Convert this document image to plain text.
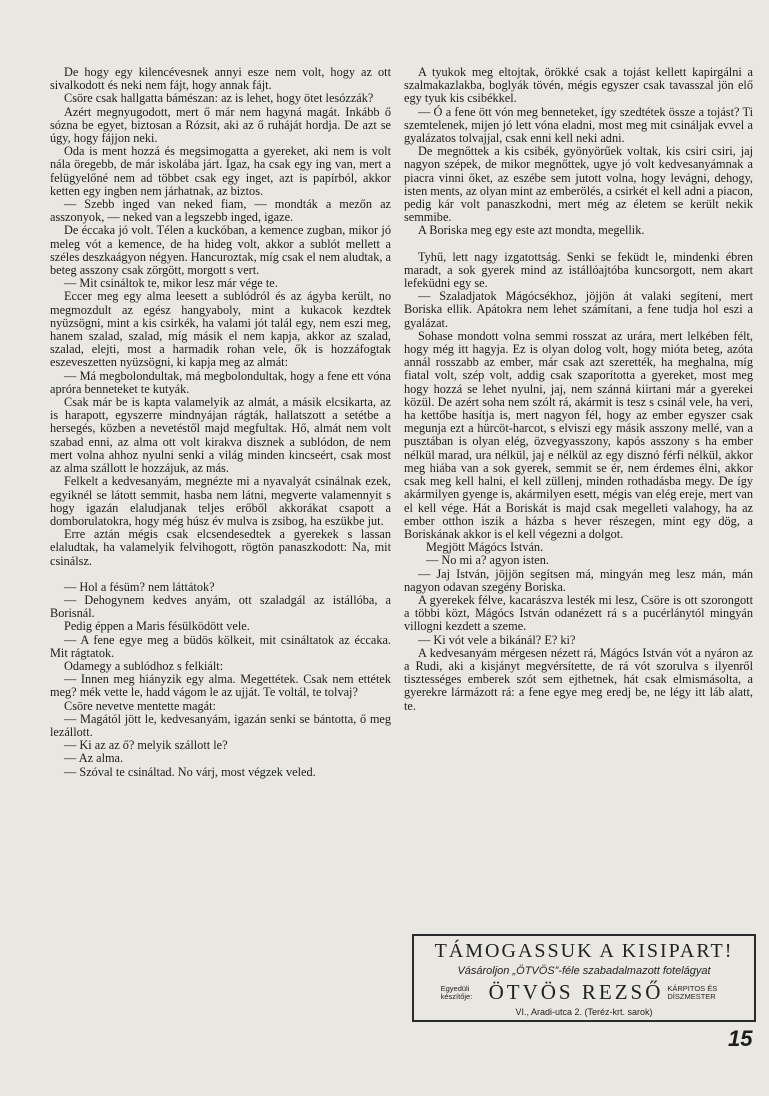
De hogy egy kilencévesnek annyi esze nem volt, hogy az ott sivalkodott és neki nem fájt, hogy annak fájt.

Csöre csak hallgatta bámészan: az is lehet, hogy ötet lesózzák?

Azért megnyugodott, mert ő már nem hagyná magát. Inkább ő sózna be egyet, biztosan a Rózsit, aki az ő ruháját hordja. De azt se úgy, hogy fájjon neki.

Oda is ment hozzá és megsimogatta a gyereket, aki nem is volt nála öregebb, de már iskolába járt. Igaz, ha csak egy ing van, mert a felügyelőné nem ad többet csak egy inget, azt is papírból, akkor ketten egy ingben nem járhatnak, az biztos.

— Szebb inged van neked fiam, — mondták a mezőn az asszonyok, — neked van a legszebb inged, igaze.

De éccaka jó volt. Télen a kuckóban, a kemence zugban, mikor jó meleg vót a kemence, de ha hideg volt, akkor a sublót mellett a széles deszkaágyon négyen. Hancuroztak, míg csak el nem aludtak, a beteg asszony csak zörgött, morgott s vert.

— Mit csináltok te, mikor lesz már vége te.

Eccer meg egy alma leesett a sublódról és az ágyba került, no megmozdult az egész hangyaboly, mint a kukacok kezdtek nyüzsögni, mint a kis csirkék, ha valami jót talál egy, nem eszi meg, hanem szalad, szalad, míg másik el nem kapja, akkor az szalad, szalad, elejti, most a harmadik rohan vele, ők is hozzáfogtak eszeveszetten nyüzsögni, ki kapja meg az almát:

— Má megbolondultak, má megbolondultak, hogy a fene ett vóna apróra benneteket te kutyák.

Csak már be is kapta valamelyik az almát, a másik elcsikarta, az is harapott, egyszerre mindnyájan rágták, hallatszott a setétbe a hersegés, közben a nevetéstől majd megfultak. Hő, almát nem volt szabad enni, az alma ott volt kirakva disznek a sublódon, de nem mert volna ahhoz nyulni senki a világ minden kincseért, csak most az alma szállott le hozzájuk, az más.

Felkelt a kedvesanyám, megnézte mi a nyavalyát csinálnak ezek, egyiknél se látott semmit, hasba nem látni, megverte valamennyit s hogy igazán elaludjanak teljes erőből akkorákat csapott a domborulatokra, hogy még húsz év mulva is zsibog, ha eszükbe jut.

Erre aztán mégis csak elcsendesedtek a gyerekek s lassan elaludtak, ha valamelyik felvihogott, rögtön panaszkodott: Na, mit csinálsz.

— Hol a fésüm? nem láttátok?

— Dehogynem kedves anyám, ott szaladgál az istállóba, a Borisnál.

Pedig éppen a Maris fésülködött vele.

— A fene egye meg a büdös kölkeit, mit csináltatok az éccaka. Mit rágtatok.

Odamegy a sublódhoz s felkiált:

— Innen meg hiányzik egy alma. Megettétek. Csak nem ettétek meg? mék vette le, hadd vágom le az ujját. Te voltál, te tolvaj?

Csöre nevetve mentette magát:

— Magától jött le, kedvesanyám, igazán senki se bántotta, ő meg lezállott.

— Ki az az ő? melyik szállott le?

— Az alma.

— Szóval te csináltad. No várj, most végzek veled.

A tyukok meg eltojtak, örökké csak a tojást kellett kapirgálni a szalmakazlakba, boglyák tövén, mégis egyszer csak tavasszal jön elő egy tyuk kis csibékkel.

— Ó a fene ött vón meg benneteket, így szedtétek össze a tojást? Ti szemtelenek, mijen jó lett vóna eladni, most meg mit csináljak evvel a gyalázatos tolvajjal, csak enni kell neki adni.

De megnőttek a kis csibék, gyönyörűek voltak, kis csiri csiri, jaj nagyon szépek, de mikor megnőttek, ugye jó volt kedvesanyámnak a piacra vinni őket, az eszébe sem jutott volna, hogy levágni, dehogy, isten ments, az olyan mint az emberölés, a csirkét el kell adni a piacon, pedig kár volt panaszkodni, mert még az életem se került nekik semmibe.

A Boriska meg egy este azt mondta, megellik.

Tyhű, lett nagy izgatottság. Senki se feküdt le, mindenki ébren maradt, a sok gyerek mind az istállóajtóba kuncsorgott, nem akart lefeküdni egy se.

— Szaladjatok Mágócsékhoz, jöjjön át valaki segíteni, mert Boriska ellik. Apátokra nem lehet számítani, a fene tudja hol eszi a gyalázat.

Sohase mondott volna semmi rosszat az urára, mert lelkében félt, hogy még itt hagyja. Ez is olyan dolog volt, hogy mióta beteg, azóta annál rosszabb az ember, már csak azt szerették, ha meghalna, míg fiatal volt, szép volt, addig csak szaporította a gyereket, most meg hogy hozzá se lehet nyulni, jaj, nem szánná kiirtani már a gyerekei közül. De azért soha nem szólt rá, akármit is tesz s csinál vele, ha veri, ha kettőbe hasítja is, mert nagyon fél, hogy az ember egyszer csak megunja ezt a hürcöt-harcot, s elviszi egy másik asszony mellé, van a pusztában is olyan elég, özvegyasszony, kapós asszony s ha ember nélkül marad, ura nélkül, jaj e nélkül az egy disznó férfi nélkül, akkor meg hiába van a sok gyerek, semmit se ér, nem érdemes élni, akkor csak meg kell halni, el kell züllenj, minden rothadásba megy. De így akármilyen gyenge is, akármilyen esett, mégis van elég ereje, mert van el kell vége. Hát a Boriskát is majd csak megelleti valahogy, ha az ember otthon iszik a házba s hever részegen, mint egy dög, a Boriskának akkor is el kell végezni a dolgot.

Megjött Mágócs István.

— No mi a? agyon isten.

— Jaj István, jöjjön segítsen má, mingyán meg lesz mán, mán nagyon odavan szegény Boriska.

A gyerekek félve, kacarászva lesték mi lesz, Csöre is ott szorongott a többi közt, Mágócs István odanézett rá s a pucérlánytól mingyán villogni kezdett a szeme.

— Ki vót vele a bikánál? E? ki?

A kedvesanyám mérgesen nézett rá, Mágócs István vót a nyáron az a Rudi, aki a kisjányt megvérsítette, de rá vót szorulva s ilyenről tisztességes emberek szót sem ejthetnek, hát csak elmismásolta, a gyerekre lármázott rá: a fene egye meg eredj be, ne légy itt láb alatt, te.

TÁMOGASSUK A KISIPART!
Vásároljon „ÖTVÖS”-féle szabadalmazott fotelágyat
Egyedüli készítője: ÖTVÖS REZSŐ KÁRPITOS ÉS DÍSZMESTER
VI., Aradi-utca 2. (Teréz-krt. sarok)
15
